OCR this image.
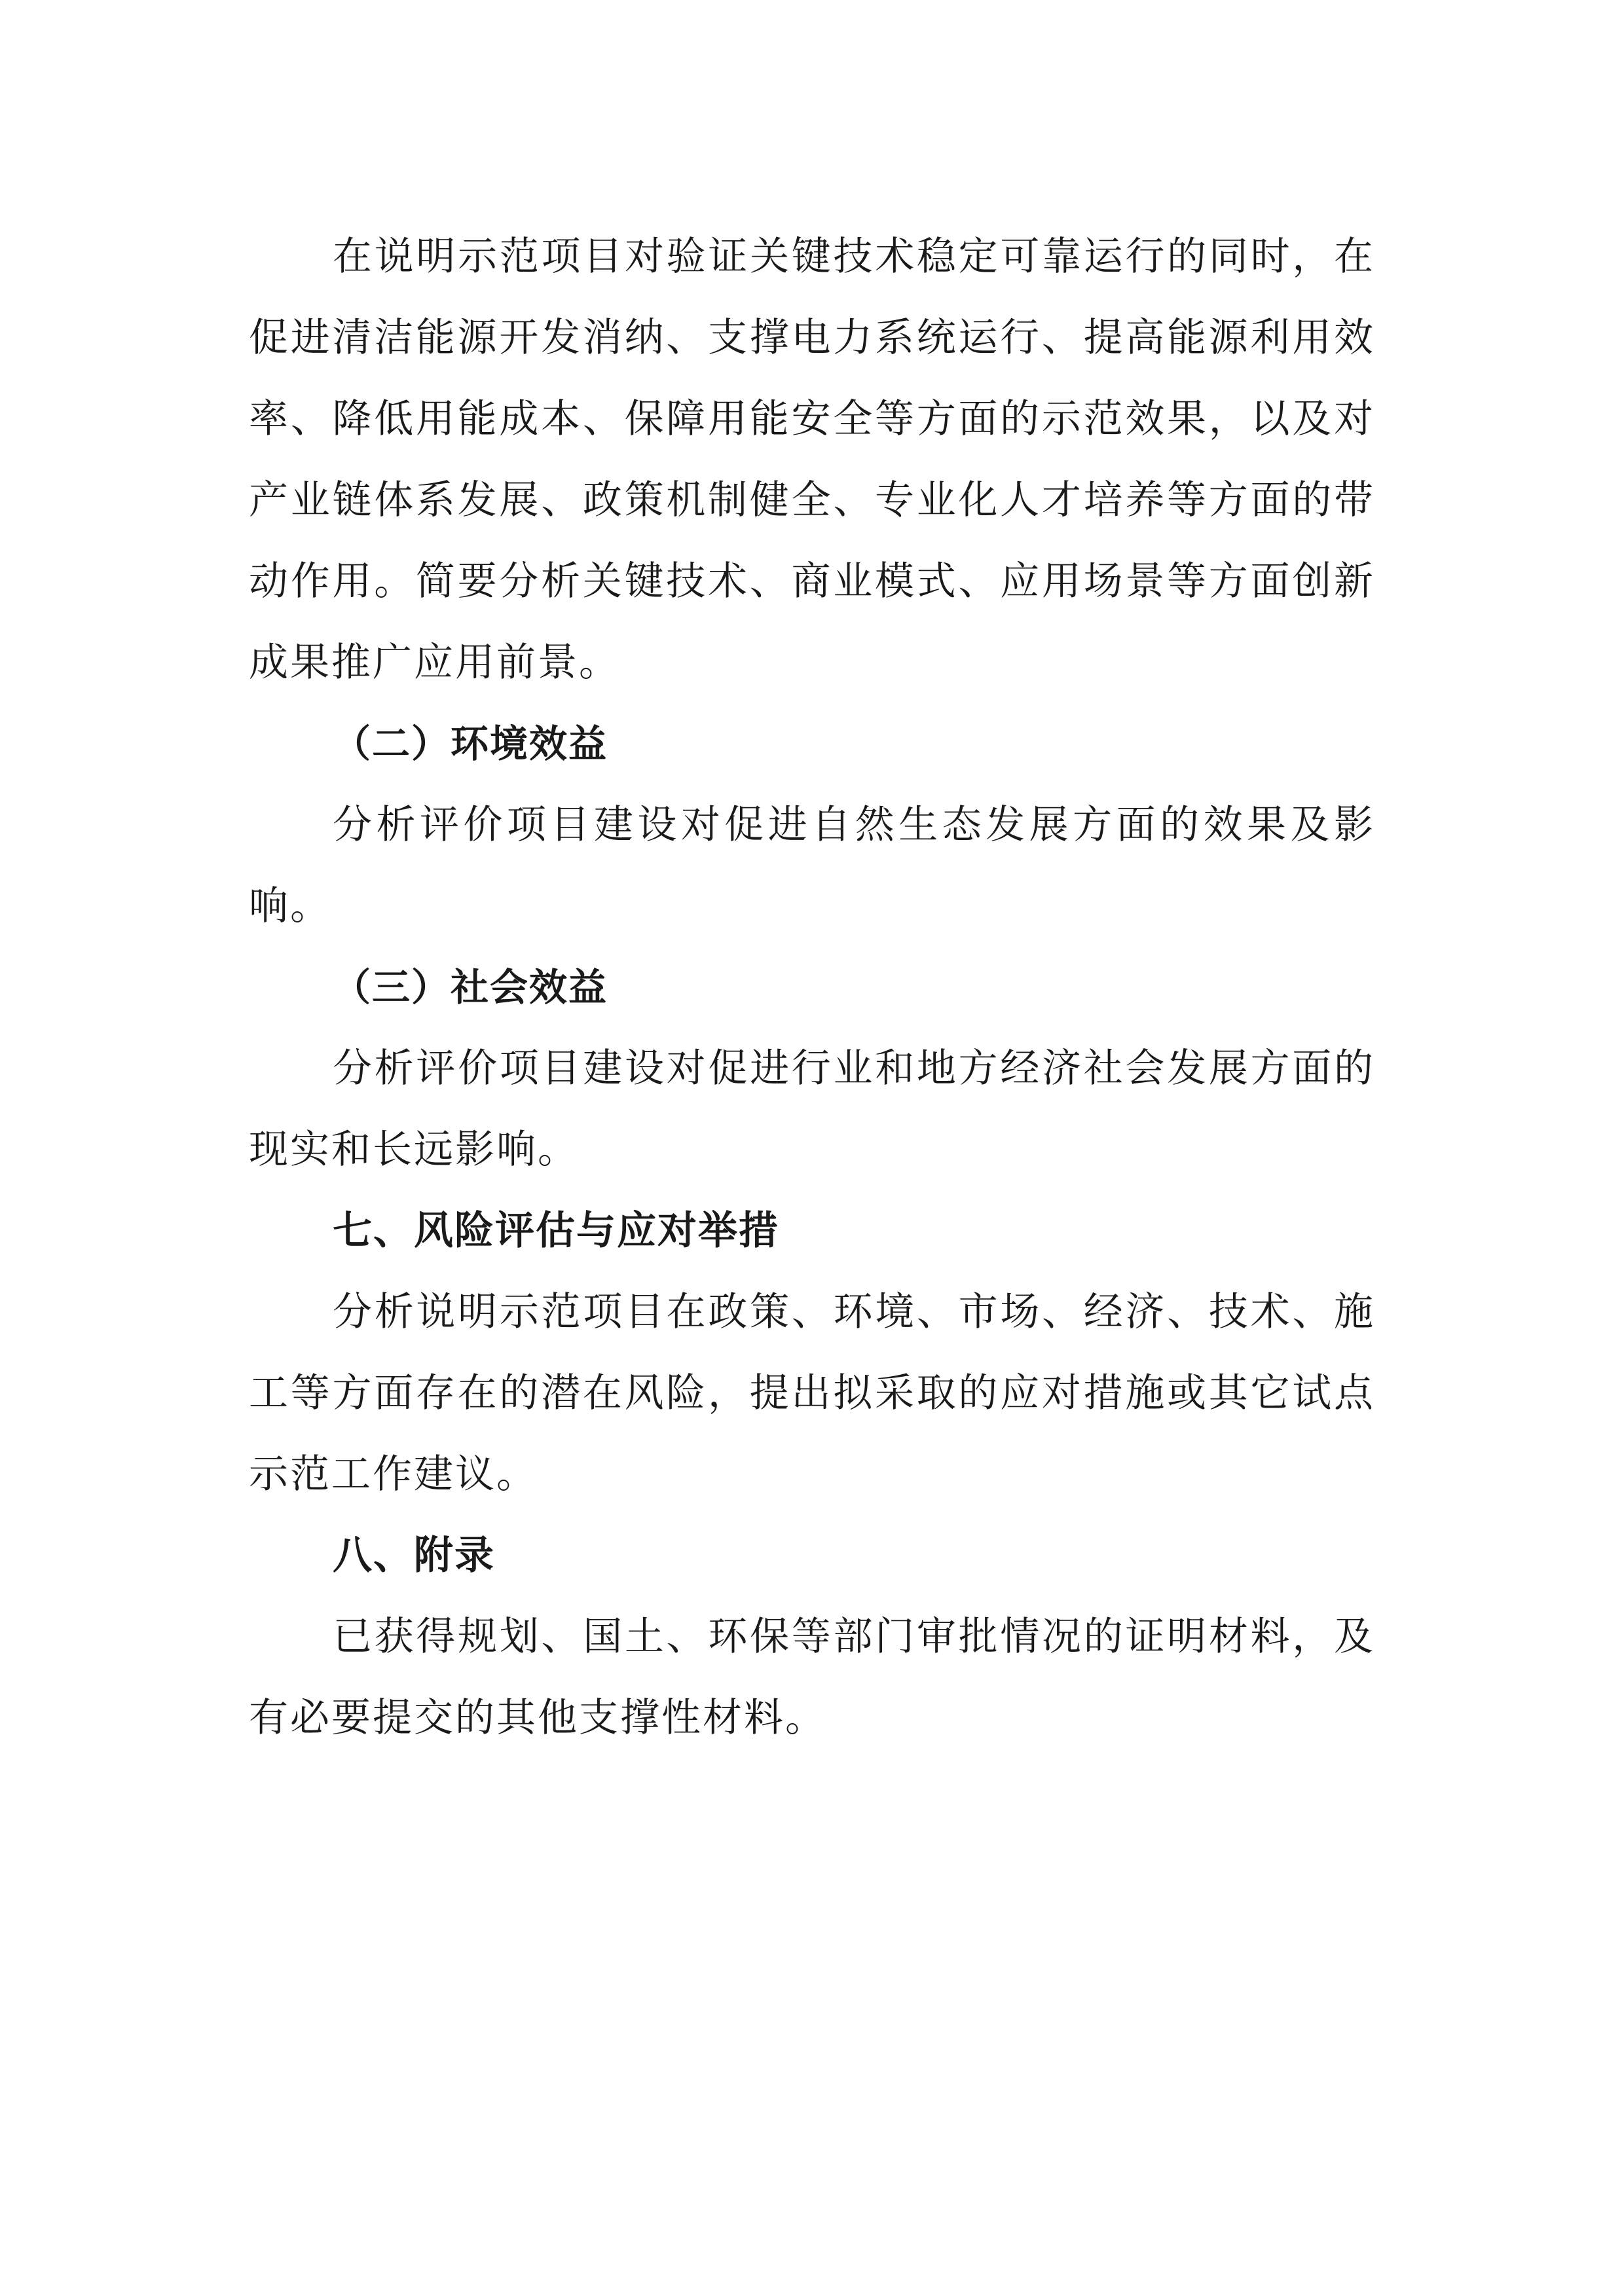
在说明示范项目对验证关键技术稳定可靠运行的同时，在促进清洁能源开发消纳、支撑电力系统运行、提高能源利用效率、降低用能成本、保障用能安全等方面的示范效果，以及对产业链体系发展、政策机制健全、专业化人才培养等方面的带动作用。简要分析关键技术、商业模式、应用场景等方面创新成果推广应用前景。

（二）环境效益

分析评价项目建设对促进自然生态发展方面的效果及影响。

（三）社会效益

分析评价项目建设对促进行业和地方经济社会发展方面的现实和长远影响。

七、风险评估与应对举措

分析说明示范项目在政策、环境、市场、经济、技术、施工等方面存在的潜在风险，提出拟采取的应对措施或其它试点示范工作建议。

八、附录

已获得规划、国土、环保等部门审批情况的证明材料，及有必要提交的其他支撑性材料。
